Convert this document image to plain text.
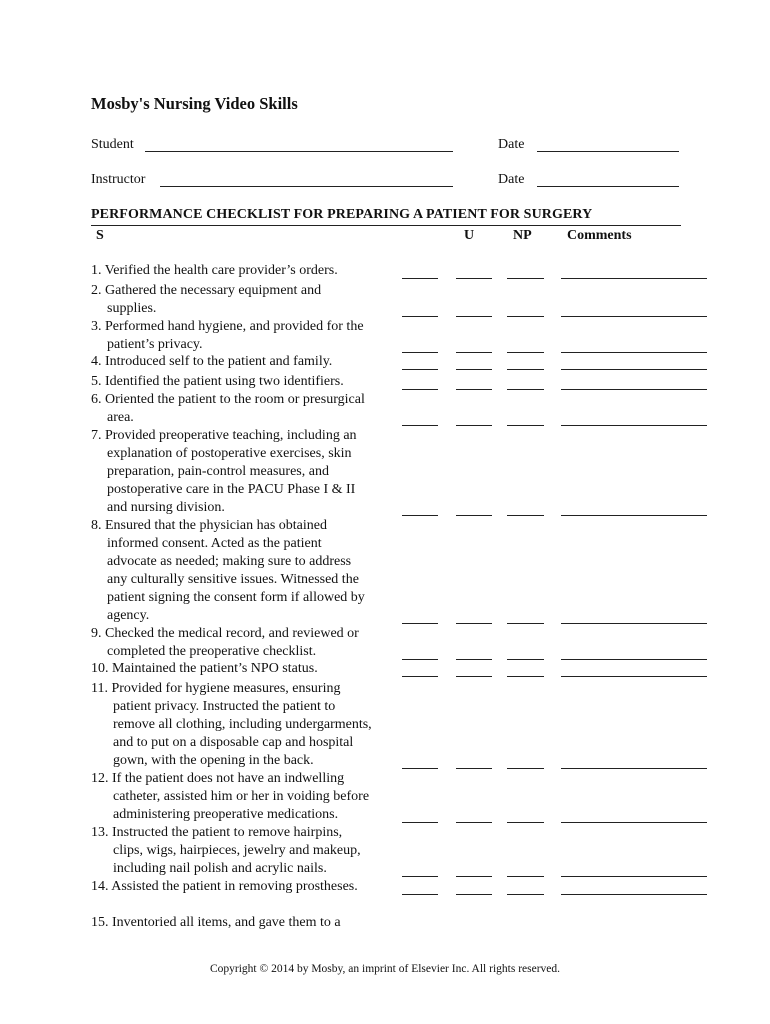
Mosby's Nursing Video Skills
Student	Date
Instructor	Date
PERFORMANCE CHECKLIST FOR PREPARING A PATIENT FOR SURGERY
S	U	NP	Comments
1. Verified the health care provider’s orders.
2. Gathered the necessary equipment and
supplies.
3. Performed hand hygiene, and provided for the
patient’s privacy.
4. Introduced self to the patient and family.
5. Identified the patient using two identifiers.
6. Oriented the patient to the room or presurgical
area.
7. Provided preoperative teaching, including an
explanation of postoperative exercises, skin
preparation, pain-control measures, and
postoperative care in the PACU Phase I & II
and nursing division.
8. Ensured that the physician has obtained
informed consent. Acted as the patient
advocate as needed; making sure to address
any culturally sensitive issues. Witnessed the
patient signing the consent form if allowed by
agency.
9. Checked the medical record, and reviewed or
completed the preoperative checklist.
10. Maintained the patient’s NPO status.
11. Provided for hygiene measures, ensuring
patient privacy. Instructed the patient to
remove all clothing, including undergarments,
and to put on a disposable cap and hospital
gown, with the opening in the back.
12. If the patient does not have an indwelling
catheter, assisted him or her in voiding before
administering preoperative medications.
13. Instructed the patient to remove hairpins,
clips, wigs, hairpieces, jewelry and makeup,
including nail polish and acrylic nails.
14. Assisted the patient in removing prostheses.
15. Inventoried all items, and gave them to a
Copyright © 2014 by Mosby, an imprint of Elsevier Inc. All rights reserved.
